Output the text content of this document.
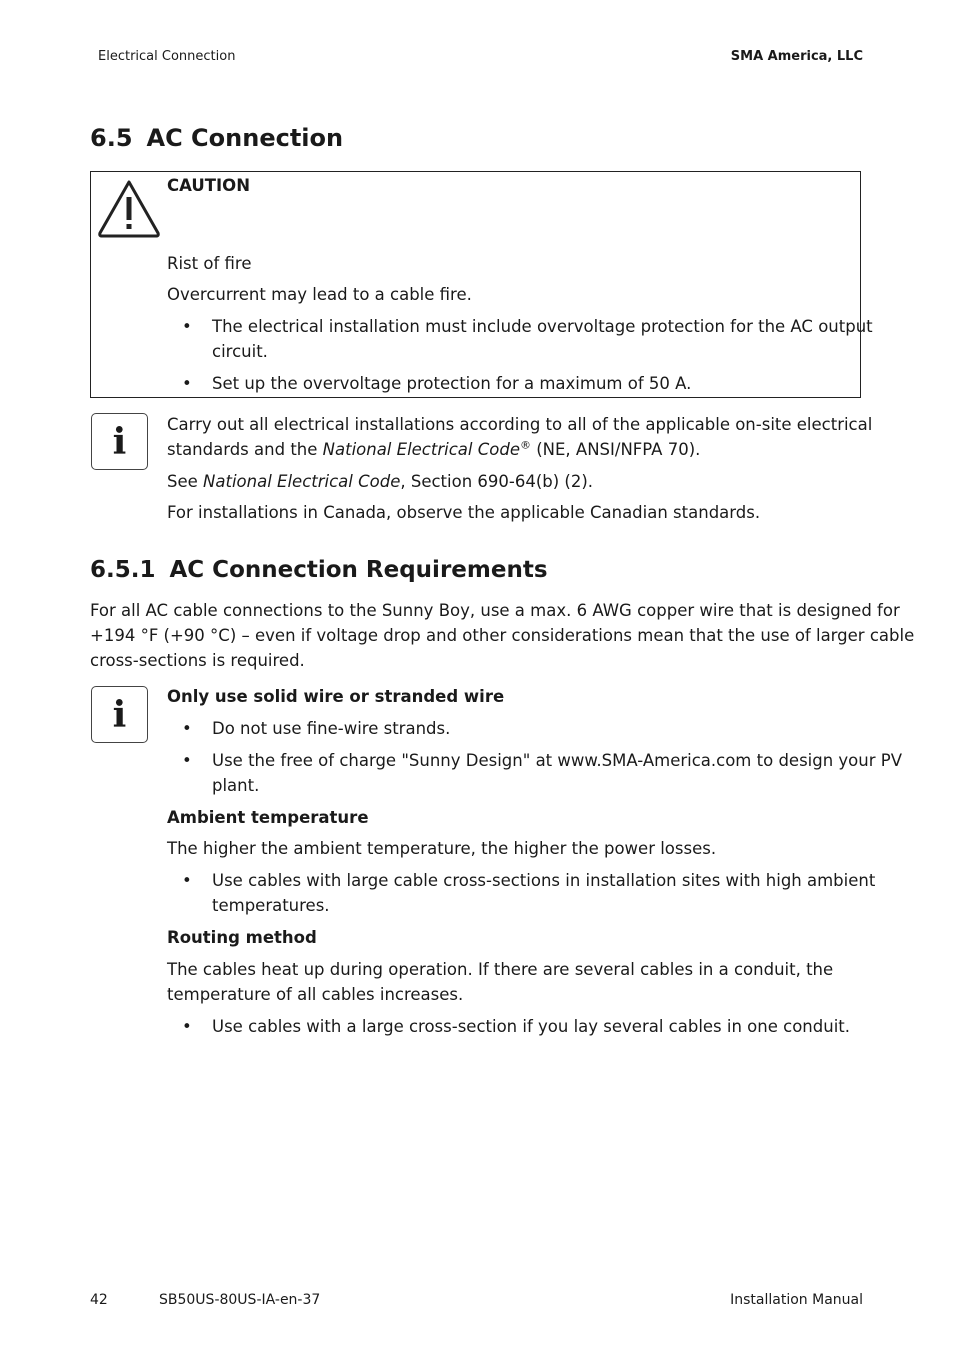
Electrical Connection	SMA America, LLC
6.5 AC Connection
CAUTION
Rist of fire
Overcurrent may lead to a cable fire.
• The electrical installation must include overvoltage protection for the AC output
circuit.
• Set up the overvoltage protection for a maximum of 50 A.
i Carry out all electrical installations according to all of the applicable on-site electrical
standards and the National Electrical Code® (NE, ANSI/NFPA 70).
See National Electrical Code, Section 690-64(b) (2).
For installations in Canada, observe the applicable Canadian standards.
6.5.1 AC Connection Requirements
For all AC cable connections to the Sunny Boy, use a max. 6 AWG copper wire that is designed for
+194 °F (+90 °C) – even if voltage drop and other considerations mean that the use of larger cable
cross-sections is required.
i Only use solid wire or stranded wire
• Do not use fine-wire strands.
• Use the free of charge "Sunny Design" at www.SMA-America.com to design your PV
plant.
Ambient temperature
The higher the ambient temperature, the higher the power losses.
• Use cables with large cable cross-sections in installation sites with high ambient
temperatures.
Routing method
The cables heat up during operation. If there are several cables in a conduit, the
temperature of all cables increases.
• Use cables with a large cross-section if you lay several cables in one conduit.
42	SB50US-80US-IA-en-37	Installation Manual
